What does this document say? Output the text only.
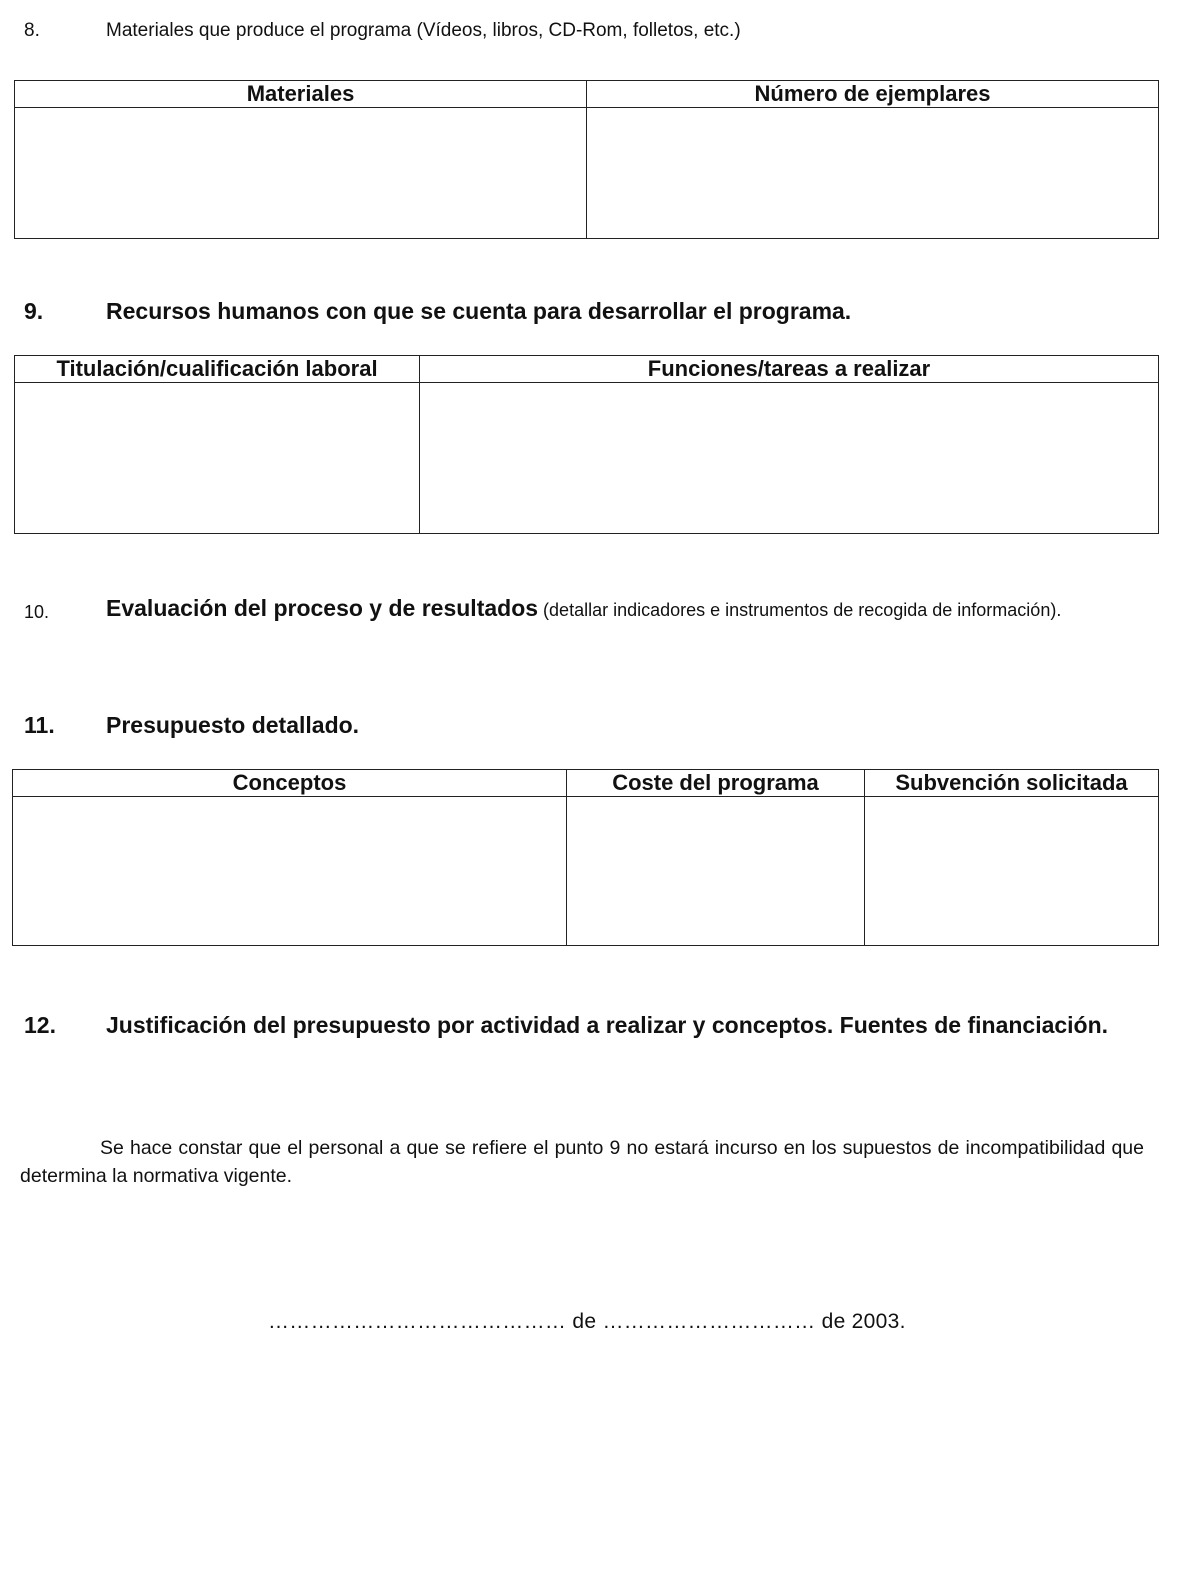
8.	Materiales que produce el programa (Vídeos, libros, CD-Rom, folletos, etc.)
Materiales	Número de ejemplares

9.	Recursos humanos con que se cuenta para desarrollar el programa.
Titulación/cualificación laboral	Funciones/tareas a realizar

10. Evaluación del proceso y de resultados (detallar indicadores e instrumentos de recogida de información).
11. Presupuesto detallado.
Conceptos	Coste del programa	Subvención solicitada

12. Justificación del presupuesto por actividad a realizar y conceptos. Fuentes de financiación.

Se hace constar que el personal a que se refiere el punto 9 no estará incurso en los supuestos de incompatibilidad que determina la normativa vigente.

…………………………………… de ………………………… de 2003.
